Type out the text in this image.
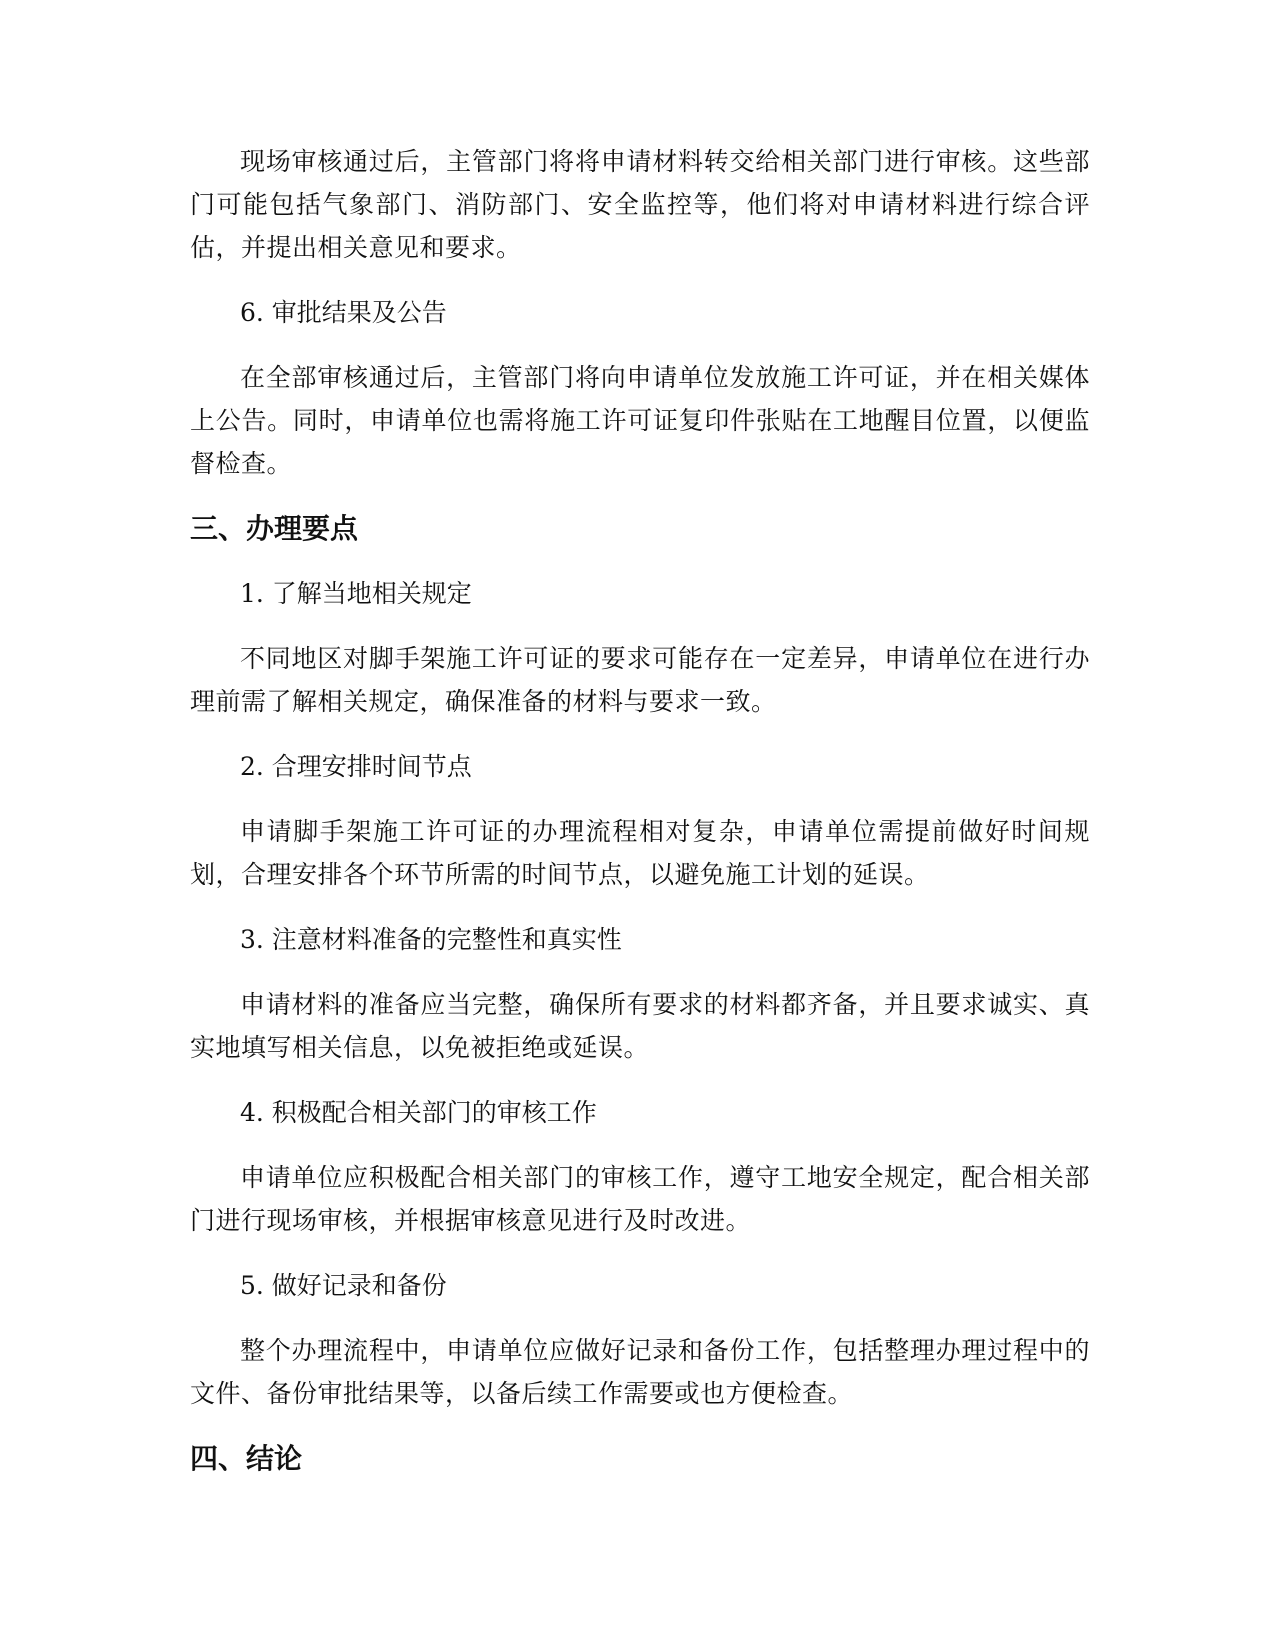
现场审核通过后，主管部门将将申请材料转交给相关部门进行审核。这些部门可能包括气象部门、消防部门、安全监控等，他们将对申请材料进行综合评估，并提出相关意见和要求。

6. 审批结果及公告

在全部审核通过后，主管部门将向申请单位发放施工许可证，并在相关媒体上公告。同时，申请单位也需将施工许可证复印件张贴在工地醒目位置，以便监督检查。

三、办理要点

1. 了解当地相关规定

不同地区对脚手架施工许可证的要求可能存在一定差异，申请单位在进行办理前需了解相关规定，确保准备的材料与要求一致。

2. 合理安排时间节点

申请脚手架施工许可证的办理流程相对复杂，申请单位需提前做好时间规划，合理安排各个环节所需的时间节点，以避免施工计划的延误。

3. 注意材料准备的完整性和真实性

申请材料的准备应当完整，确保所有要求的材料都齐备，并且要求诚实、真实地填写相关信息，以免被拒绝或延误。

4. 积极配合相关部门的审核工作

申请单位应积极配合相关部门的审核工作，遵守工地安全规定，配合相关部门进行现场审核，并根据审核意见进行及时改进。

5. 做好记录和备份

整个办理流程中，申请单位应做好记录和备份工作，包括整理办理过程中的文件、备份审批结果等，以备后续工作需要或也方便检查。

四、结论
